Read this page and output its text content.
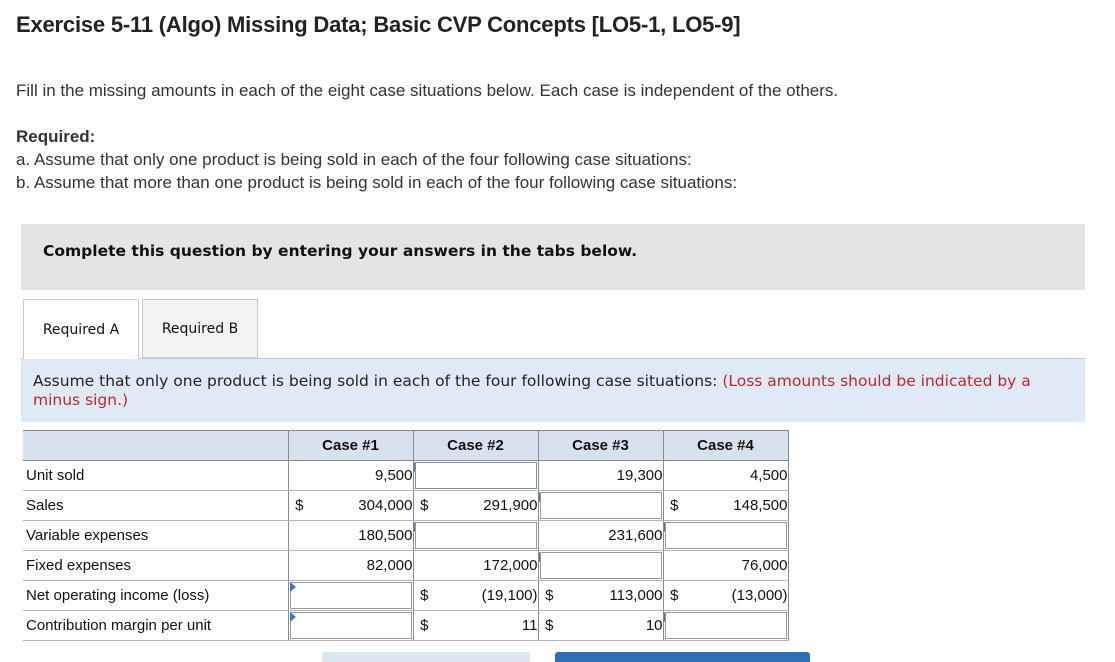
Exercise 5-11 (Algo) Missing Data; Basic CVP Concepts [LO5-1, LO5-9]
Fill in the missing amounts in each of the eight case situations below. Each case is independent of the others.
Required:
a. Assume that only one product is being sold in each of the four following case situations:
b. Assume that more than one product is being sold in each of the four following case situations:
Complete this question by entering your answers in the tabs below.
Required A	Required B
Assume that only one product is being sold in each of the four following case situations: (Loss amounts should be indicated by a minus sign.)
	Case #1		Case #2		Case #3		Case #4	
Unit sold		9,500				19,300		4,500
Sales	$	304,000	$	291,900			$	148,500
Variable expenses		180,500				231,600	

Fixed expenses		82,000		172,000				76,000
Net operating income (loss)			$	(19,100)	$	113,000	$	(13,000)
Contribution margin per unit			$	11	$	10	
